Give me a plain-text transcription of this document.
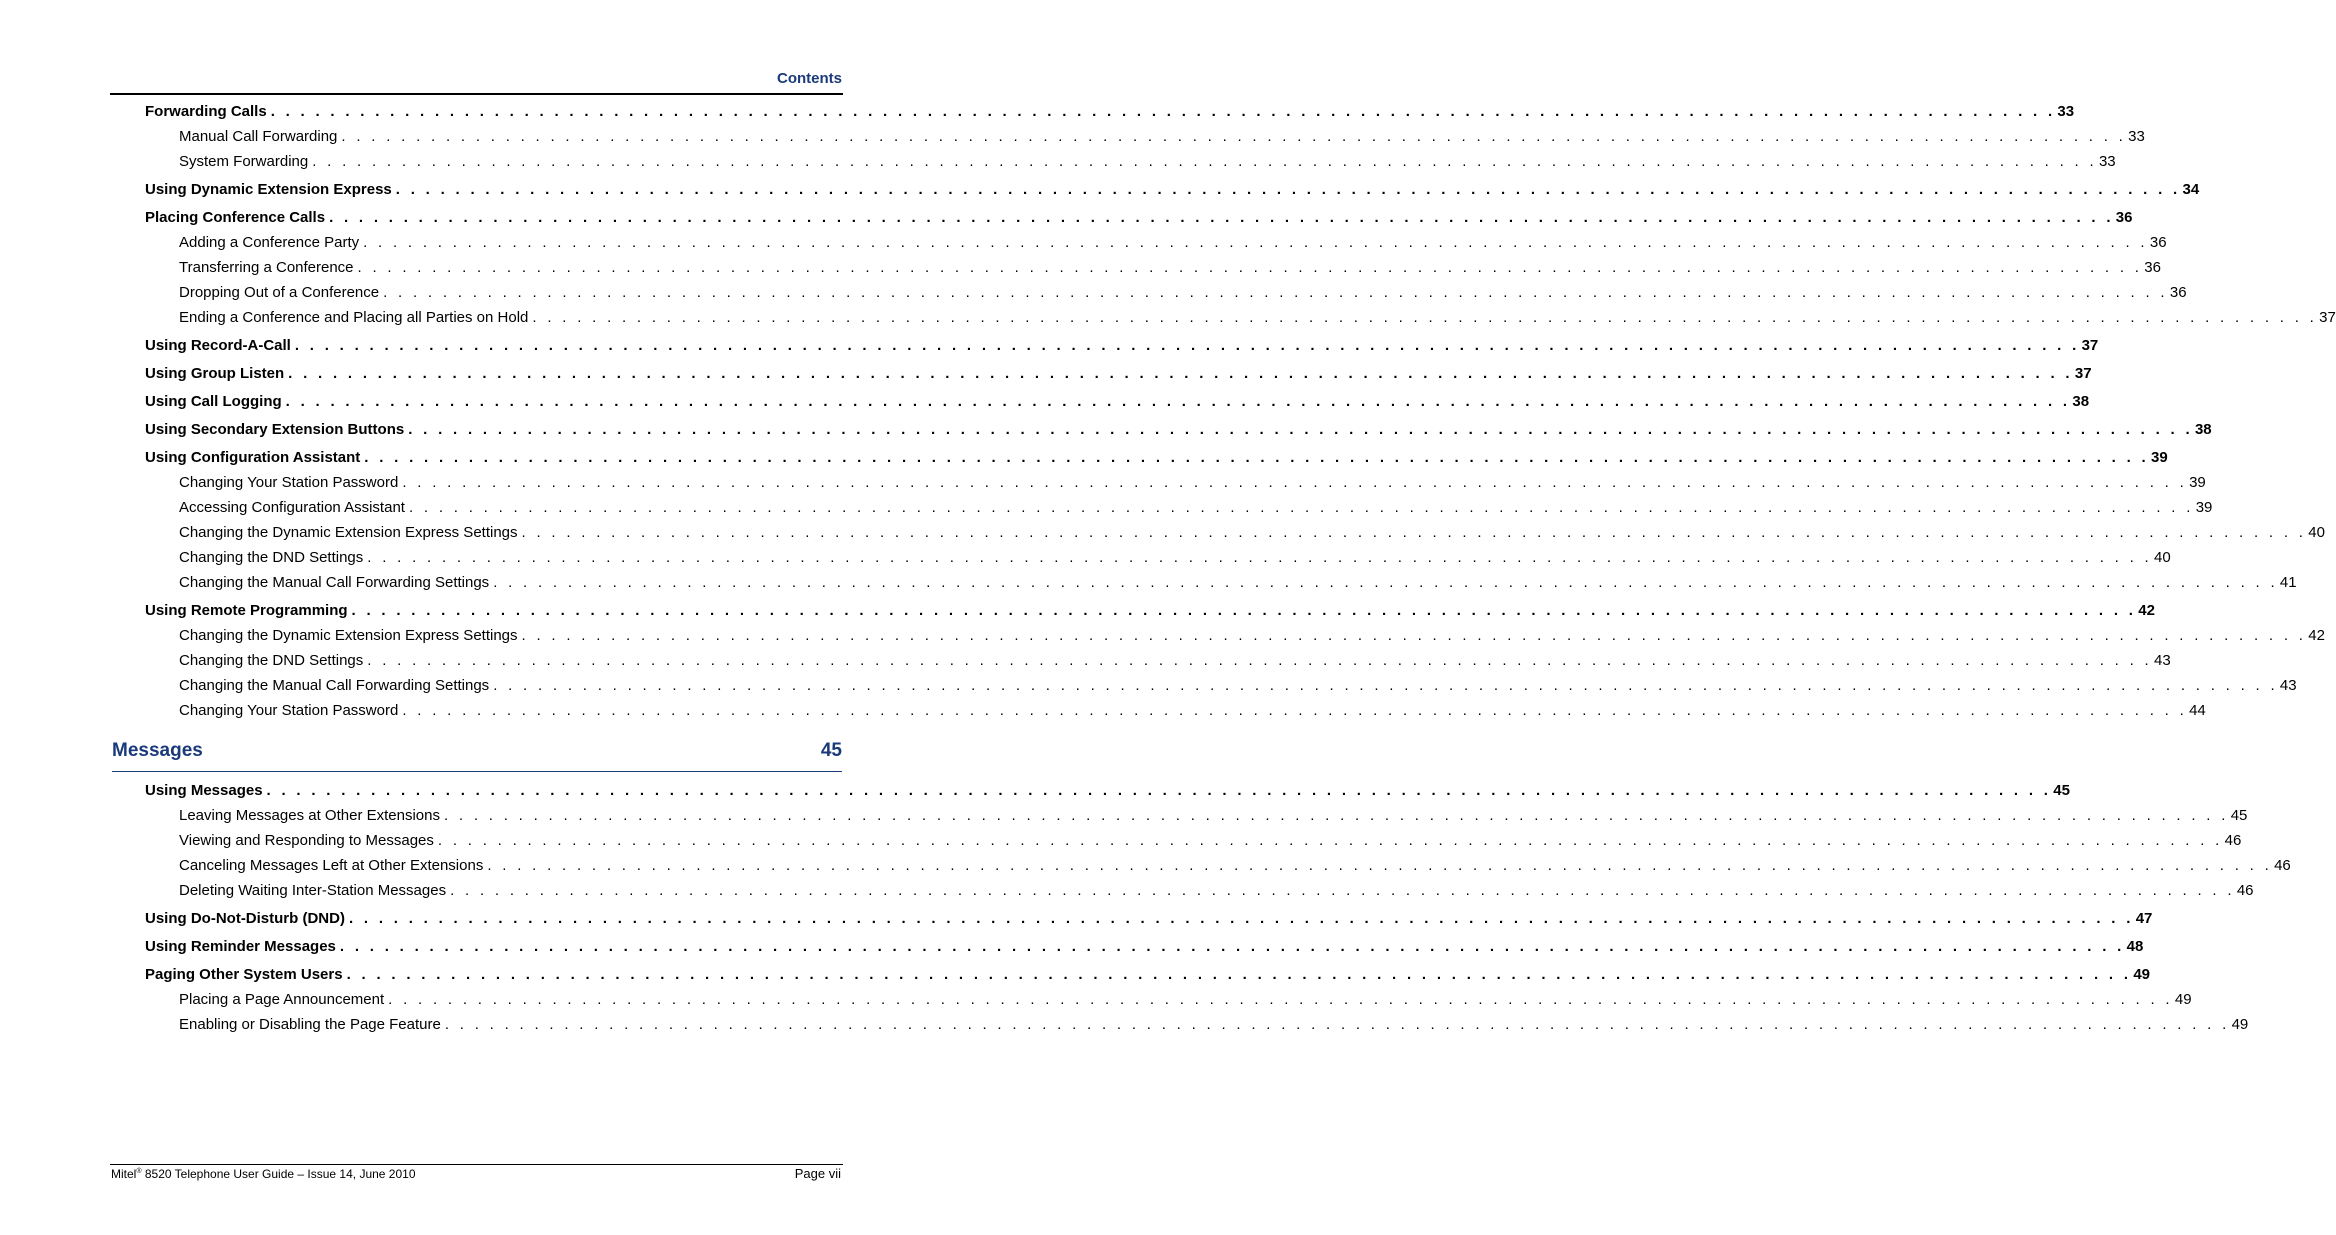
Contents
Forwarding Calls . . . . . . . . . . . . . . . . . . . . . . . . . . . . . . . . . . . . . . . . . . . . . . . . . . . . . . . . . . . . . . . . . . . . . . . . . . . . . . . . . . . . . . . . . . . . . . . . . . . . . . . . . . . . . . . . . . . . . . . . 33
Manual Call Forwarding . . . . . . . . . . . . . . . . . . . . . . . . . . . . . . . . . . . . . . . . . . . . . . . . . . . . . . . . . . . . . . . . . . . . . . . . . . . . . . . . . . . . . . . . . . . . . . . . . . . . . . . . . . . . . . . . . . . . . . . . 33
System Forwarding . . . . . . . . . . . . . . . . . . . . . . . . . . . . . . . . . . . . . . . . . . . . . . . . . . . . . . . . . . . . . . . . . . . . . . . . . . . . . . . . . . . . . . . . . . . . . . . . . . . . . . . . . . . . . . . . . . . . . . . . 33
Using Dynamic Extension Express . . . . . . . . . . . . . . . . . . . . . . . . . . . . . . . . . . . . . . . . . . . . . . . . . . . . . . . . . . . . . . . . . . . . . . . . . . . . . . . . . . . . . . . . . . . . . . . . . . . . . . . . . . . . . . . . . . . . . . . . 34
Placing Conference Calls . . . . . . . . . . . . . . . . . . . . . . . . . . . . . . . . . . . . . . . . . . . . . . . . . . . . . . . . . . . . . . . . . . . . . . . . . . . . . . . . . . . . . . . . . . . . . . . . . . . . . . . . . . . . . . . . . . . . . . . . 36
Adding a Conference Party . . . . . . . . . . . . . . . . . . . . . . . . . . . . . . . . . . . . . . . . . . . . . . . . . . . . . . . . . . . . . . . . . . . . . . . . . . . . . . . . . . . . . . . . . . . . . . . . . . . . . . . . . . . . . . . . . . . . . . . . 36
Transferring a Conference . . . . . . . . . . . . . . . . . . . . . . . . . . . . . . . . . . . . . . . . . . . . . . . . . . . . . . . . . . . . . . . . . . . . . . . . . . . . . . . . . . . . . . . . . . . . . . . . . . . . . . . . . . . . . . . . . . . . . . . . 36
Dropping Out of a Conference . . . . . . . . . . . . . . . . . . . . . . . . . . . . . . . . . . . . . . . . . . . . . . . . . . . . . . . . . . . . . . . . . . . . . . . . . . . . . . . . . . . . . . . . . . . . . . . . . . . . . . . . . . . . . . . . . . . . . . . . 36
Ending a Conference and Placing all Parties on Hold . . . . . . . . . . . . . . . . . . . . . . . . . . . . . . . . . . . . . . . . . . . . . . . . . . . . . . . . . . . . . . . . . . . . . . . . . . . . . . . . . . . . . . . . . . . . . . . . . . . . . . . . . . . . . . . . . . . . . . . . 37
Using Record-A-Call . . . . . . . . . . . . . . . . . . . . . . . . . . . . . . . . . . . . . . . . . . . . . . . . . . . . . . . . . . . . . . . . . . . . . . . . . . . . . . . . . . . . . . . . . . . . . . . . . . . . . . . . . . . . . . . . . . . . . . . . 37
Using Group Listen . . . . . . . . . . . . . . . . . . . . . . . . . . . . . . . . . . . . . . . . . . . . . . . . . . . . . . . . . . . . . . . . . . . . . . . . . . . . . . . . . . . . . . . . . . . . . . . . . . . . . . . . . . . . . . . . . . . . . . . . 37
Using Call Logging . . . . . . . . . . . . . . . . . . . . . . . . . . . . . . . . . . . . . . . . . . . . . . . . . . . . . . . . . . . . . . . . . . . . . . . . . . . . . . . . . . . . . . . . . . . . . . . . . . . . . . . . . . . . . . . . . . . . . . . . 38
Using Secondary Extension Buttons . . . . . . . . . . . . . . . . . . . . . . . . . . . . . . . . . . . . . . . . . . . . . . . . . . . . . . . . . . . . . . . . . . . . . . . . . . . . . . . . . . . . . . . . . . . . . . . . . . . . . . . . . . . . . . . . . . . . . . . . 38
Using Configuration Assistant . . . . . . . . . . . . . . . . . . . . . . . . . . . . . . . . . . . . . . . . . . . . . . . . . . . . . . . . . . . . . . . . . . . . . . . . . . . . . . . . . . . . . . . . . . . . . . . . . . . . . . . . . . . . . . . . . . . . . . . . 39
Changing Your Station Password . . . . . . . . . . . . . . . . . . . . . . . . . . . . . . . . . . . . . . . . . . . . . . . . . . . . . . . . . . . . . . . . . . . . . . . . . . . . . . . . . . . . . . . . . . . . . . . . . . . . . . . . . . . . . . . . . . . . . . . . 39
Accessing Configuration Assistant . . . . . . . . . . . . . . . . . . . . . . . . . . . . . . . . . . . . . . . . . . . . . . . . . . . . . . . . . . . . . . . . . . . . . . . . . . . . . . . . . . . . . . . . . . . . . . . . . . . . . . . . . . . . . . . . . . . . . . . . 39
Changing the Dynamic Extension Express Settings . . . . . . . . . . . . . . . . . . . . . . . . . . . . . . . . . . . . . . . . . . . . . . . . . . . . . . . . . . . . . . . . . . . . . . . . . . . . . . . . . . . . . . . . . . . . . . . . . . . . . . . . . . . . . . . . . . . . . . . . 40
Changing the DND Settings . . . . . . . . . . . . . . . . . . . . . . . . . . . . . . . . . . . . . . . . . . . . . . . . . . . . . . . . . . . . . . . . . . . . . . . . . . . . . . . . . . . . . . . . . . . . . . . . . . . . . . . . . . . . . . . . . . . . . . . . 40
Changing the Manual Call Forwarding Settings . . . . . . . . . . . . . . . . . . . . . . . . . . . . . . . . . . . . . . . . . . . . . . . . . . . . . . . . . . . . . . . . . . . . . . . . . . . . . . . . . . . . . . . . . . . . . . . . . . . . . . . . . . . . . . . . . . . . . . . . 41
Using Remote Programming . . . . . . . . . . . . . . . . . . . . . . . . . . . . . . . . . . . . . . . . . . . . . . . . . . . . . . . . . . . . . . . . . . . . . . . . . . . . . . . . . . . . . . . . . . . . . . . . . . . . . . . . . . . . . . . . . . . . . . . . 42
Changing the Dynamic Extension Express Settings . . . . . . . . . . . . . . . . . . . . . . . . . . . . . . . . . . . . . . . . . . . . . . . . . . . . . . . . . . . . . . . . . . . . . . . . . . . . . . . . . . . . . . . . . . . . . . . . . . . . . . . . . . . . . . . . . . . . . . . . 42
Changing the DND Settings . . . . . . . . . . . . . . . . . . . . . . . . . . . . . . . . . . . . . . . . . . . . . . . . . . . . . . . . . . . . . . . . . . . . . . . . . . . . . . . . . . . . . . . . . . . . . . . . . . . . . . . . . . . . . . . . . . . . . . . . 43
Changing the Manual Call Forwarding Settings . . . . . . . . . . . . . . . . . . . . . . . . . . . . . . . . . . . . . . . . . . . . . . . . . . . . . . . . . . . . . . . . . . . . . . . . . . . . . . . . . . . . . . . . . . . . . . . . . . . . . . . . . . . . . . . . . . . . . . . . 43
Changing Your Station Password . . . . . . . . . . . . . . . . . . . . . . . . . . . . . . . . . . . . . . . . . . . . . . . . . . . . . . . . . . . . . . . . . . . . . . . . . . . . . . . . . . . . . . . . . . . . . . . . . . . . . . . . . . . . . . . . . . . . . . . . 44
Using Messages . . . . . . . . . . . . . . . . . . . . . . . . . . . . . . . . . . . . . . . . . . . . . . . . . . . . . . . . . . . . . . . . . . . . . . . . . . . . . . . . . . . . . . . . . . . . . . . . . . . . . . . . . . . . . . . . . . . . . . . . 45
Leaving Messages at Other Extensions . . . . . . . . . . . . . . . . . . . . . . . . . . . . . . . . . . . . . . . . . . . . . . . . . . . . . . . . . . . . . . . . . . . . . . . . . . . . . . . . . . . . . . . . . . . . . . . . . . . . . . . . . . . . . . . . . . . . . . . . 45
Viewing and Responding to Messages . . . . . . . . . . . . . . . . . . . . . . . . . . . . . . . . . . . . . . . . . . . . . . . . . . . . . . . . . . . . . . . . . . . . . . . . . . . . . . . . . . . . . . . . . . . . . . . . . . . . . . . . . . . . . . . . . . . . . . . . 46
Canceling Messages Left at Other Extensions . . . . . . . . . . . . . . . . . . . . . . . . . . . . . . . . . . . . . . . . . . . . . . . . . . . . . . . . . . . . . . . . . . . . . . . . . . . . . . . . . . . . . . . . . . . . . . . . . . . . . . . . . . . . . . . . . . . . . . . . 46
Deleting Waiting Inter-Station Messages . . . . . . . . . . . . . . . . . . . . . . . . . . . . . . . . . . . . . . . . . . . . . . . . . . . . . . . . . . . . . . . . . . . . . . . . . . . . . . . . . . . . . . . . . . . . . . . . . . . . . . . . . . . . . . . . . . . . . . . . 46
Using Do-Not-Disturb (DND) . . . . . . . . . . . . . . . . . . . . . . . . . . . . . . . . . . . . . . . . . . . . . . . . . . . . . . . . . . . . . . . . . . . . . . . . . . . . . . . . . . . . . . . . . . . . . . . . . . . . . . . . . . . . . . . . . . . . . . . . 47
Using Reminder Messages . . . . . . . . . . . . . . . . . . . . . . . . . . . . . . . . . . . . . . . . . . . . . . . . . . . . . . . . . . . . . . . . . . . . . . . . . . . . . . . . . . . . . . . . . . . . . . . . . . . . . . . . . . . . . . . . . . . . . . . . 48
Paging Other System Users . . . . . . . . . . . . . . . . . . . . . . . . . . . . . . . . . . . . . . . . . . . . . . . . . . . . . . . . . . . . . . . . . . . . . . . . . . . . . . . . . . . . . . . . . . . . . . . . . . . . . . . . . . . . . . . . . . . . . . . . 49
Placing a Page Announcement . . . . . . . . . . . . . . . . . . . . . . . . . . . . . . . . . . . . . . . . . . . . . . . . . . . . . . . . . . . . . . . . . . . . . . . . . . . . . . . . . . . . . . . . . . . . . . . . . . . . . . . . . . . . . . . . . . . . . . . . 49
Enabling or Disabling the Page Feature . . . . . . . . . . . . . . . . . . . . . . . . . . . . . . . . . . . . . . . . . . . . . . . . . . . . . . . . . . . . . . . . . . . . . . . . . . . . . . . . . . . . . . . . . . . . . . . . . . . . . . . . . . . . . . . . . . . . . . . . 49
Messages	45
Mitel® 8520 Telephone User Guide – Issue 14, June 2010	Page vii
